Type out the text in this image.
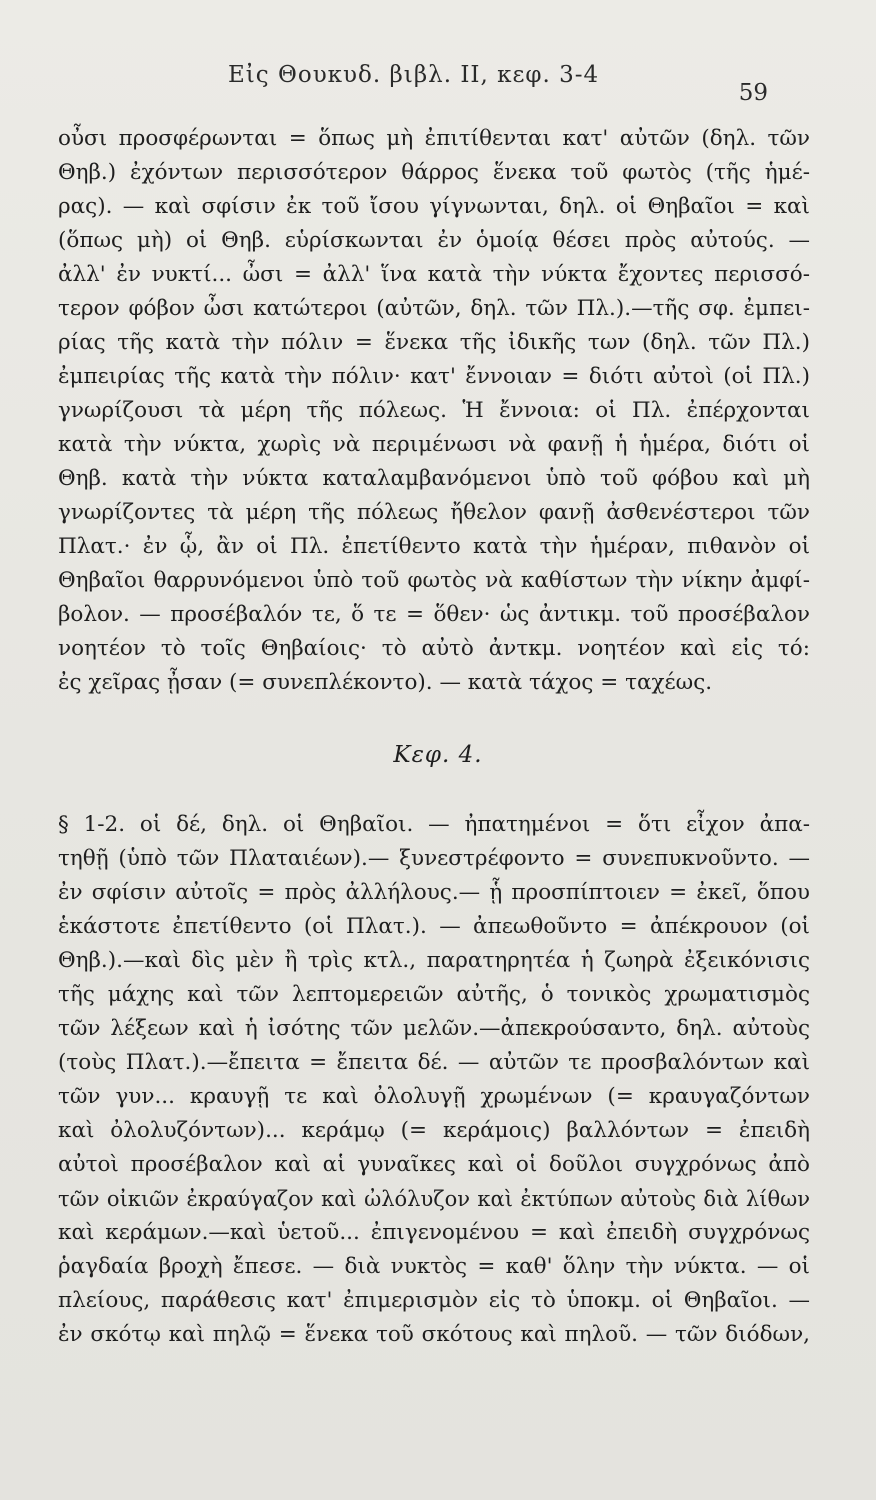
Εἰς Θουκυδ. βιβλ. ΙΙ, κεφ. 3-4
59
οὖσι προσφέρωνται = ὅπως μὴ ἐπιτίθενται κατ' αὐτῶν (δηλ. τῶν
Θηβ.) ἐχόντων περισσότερον θάρρος ἕνεκα τοῦ φωτὸς (τῆς ἡμέ-
ρας). — καὶ σφίσιν ἐκ τοῦ ἴσου γίγνωνται, δηλ. οἱ Θηβαῖοι = καὶ
(ὅπως μὴ) οἱ Θηβ. εὑρίσκωνται ἐν ὁμοίᾳ θέσει πρὸς αὐτούς. —
ἀλλ' ἐν νυκτί... ὦσι = ἀλλ' ἵνα κατὰ τὴν νύκτα ἔχοντες περισσό-
τερον φόβον ὦσι κατώτεροι (αὐτῶν, δηλ. τῶν Πλ.).—τῆς σφ. ἐμπει-
ρίας τῆς κατὰ τὴν πόλιν = ἕνεκα τῆς ἰδικῆς των (δηλ. τῶν Πλ.)
ἐμπειρίας τῆς κατὰ τὴν πόλιν· κατ' ἔννοιαν = διότι αὐτοὶ (οἱ Πλ.)
γνωρίζουσι τὰ μέρη τῆς πόλεως. Ἡ ἔννοια: οἱ Πλ. ἐπέρχονται
κατὰ τὴν νύκτα, χωρὶς νὰ περιμένωσι νὰ φανῇ ἡ ἡμέρα, διότι οἱ
Θηβ. κατὰ τὴν νύκτα καταλαμβανόμενοι ὑπὸ τοῦ φόβου καὶ μὴ
γνωρίζοντες τὰ μέρη τῆς πόλεως ἤθελον φανῇ ἀσθενέστεροι τῶν
Πλατ.· ἐν ᾧ, ἂν οἱ Πλ. ἐπετίθεντο κατὰ τὴν ἡμέραν, πιθανὸν οἱ
Θηβαῖοι θαρρυνόμενοι ὑπὸ τοῦ φωτὸς νὰ καθίστων τὴν νίκην ἀμφί-
βολον. — προσέβαλόν τε, ὅ τε = ὅθεν· ὡς ἀντικμ. τοῦ προσέβαλον
νοητέον τὸ τοῖς Θηβαίοις· τὸ αὐτὸ ἀντκμ. νοητέον καὶ εἰς τό:
ἐς χεῖρας ᾖσαν (= συνεπλέκοντο). — κατὰ τάχος = ταχέως.
Κεφ. 4.
§ 1-2. οἱ δέ, δηλ. οἱ Θηβαῖοι. — ἠπατημένοι = ὅτι εἶχον ἀπα-
τηθῇ (ὑπὸ τῶν Πλαταιέων).— ξυνεστρέφοντο = συνεπυκνοῦντο. —
ἐν σφίσιν αὐτοῖς = πρὸς ἀλλήλους.— ᾗ προσπίπτοιεν = ἐκεῖ, ὅπου
ἑκάστοτε ἐπετίθεντο (οἱ Πλατ.). — ἀπεωθοῦντο = ἀπέκρουον (οἱ
Θηβ.).—καὶ δὶς μὲν ἢ τρὶς κτλ., παρατηρητέα ἡ ζωηρὰ ἐξεικόνισις
τῆς μάχης καὶ τῶν λεπτομερειῶν αὐτῆς, ὁ τονικὸς χρωματισμὸς
τῶν λέξεων καὶ ἡ ἰσότης τῶν μελῶν.—ἀπεκρούσαντο, δηλ. αὐτοὺς
(τοὺς Πλατ.).—ἔπειτα = ἔπειτα δέ. — αὐτῶν τε προσβαλόντων καὶ
τῶν γυν... κραυγῇ τε καὶ ὀλολυγῇ χρωμένων (= κραυγαζόντων
καὶ ὀλολυζόντων)... κεράμῳ (= κεράμοις) βαλλόντων = ἐπειδὴ
αὐτοὶ προσέβαλον καὶ αἱ γυναῖκες καὶ οἱ δοῦλοι συγχρόνως ἀπὸ
τῶν οἰκιῶν ἐκραύγαζον καὶ ὠλόλυζον καὶ ἐκτύπων αὐτοὺς διὰ λίθων
καὶ κεράμων.—καὶ ὑετοῦ... ἐπιγενομένου = καὶ ἐπειδὴ συγχρόνως
ῥαγδαία βροχὴ ἔπεσε. — διὰ νυκτὸς = καθ' ὅλην τὴν νύκτα. — οἱ
πλείους, παράθεσις κατ' ἐπιμερισμὸν εἰς τὸ ὑποκμ. οἱ Θηβαῖοι. —
ἐν σκότῳ καὶ πηλῷ = ἕνεκα τοῦ σκότους καὶ πηλοῦ. — τῶν διόδων,
